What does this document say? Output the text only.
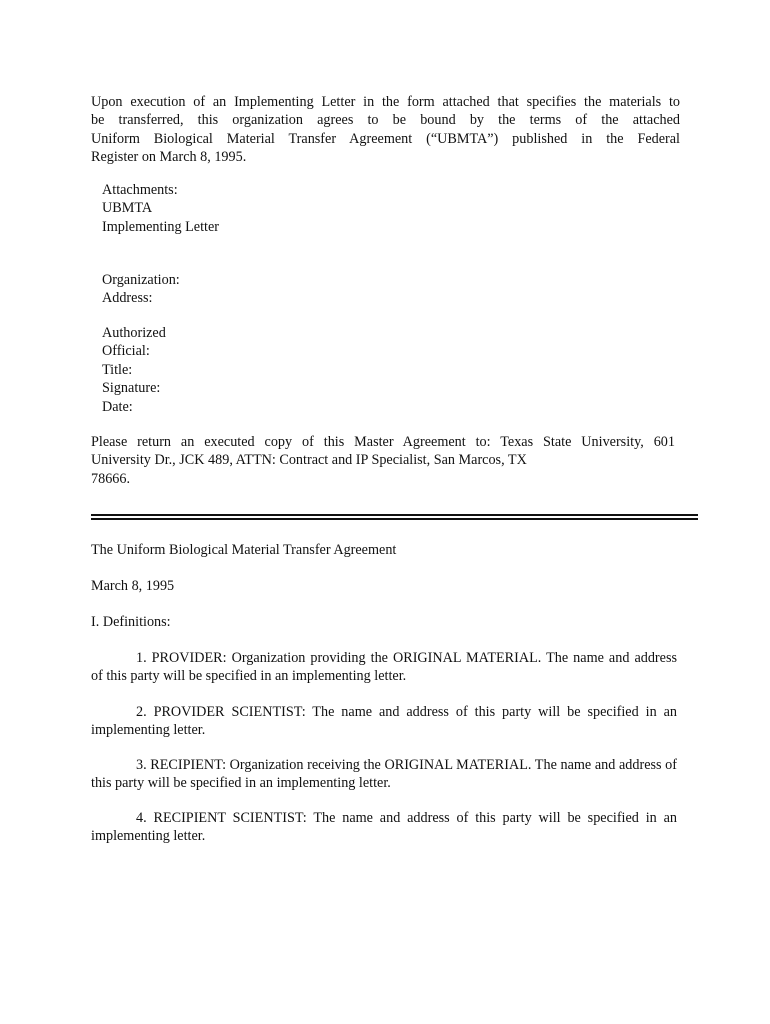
Upon execution of an Implementing Letter in the form attached that specifies the materials to
be transferred, this organization agrees to be bound by the terms of the attached
Uniform Biological Material Transfer Agreement (“UBMTA”) published in the Federal
Register on March 8, 1995.
Attachments:
UBMTA
Implementing Letter
Organization:
Address:
Authorized
Official:
Title:
Signature:
Date:
Please return an executed copy of this Master Agreement to: Texas State University, 601
University Dr., JCK 489, ATTN: Contract and IP Specialist, San Marcos, TX
78666.
The Uniform Biological Material Transfer Agreement
March 8, 1995
I. Definitions:

1. PROVIDER: Organization providing the ORIGINAL MATERIAL. The name and address of this party will be specified in an implementing letter.

2. PROVIDER SCIENTIST: The name and address of this party will be specified in an implementing letter.

3. RECIPIENT: Organization receiving the ORIGINAL MATERIAL. The name and address of this party will be specified in an implementing letter.

4. RECIPIENT SCIENTIST: The name and address of this party will be specified in an implementing letter.
